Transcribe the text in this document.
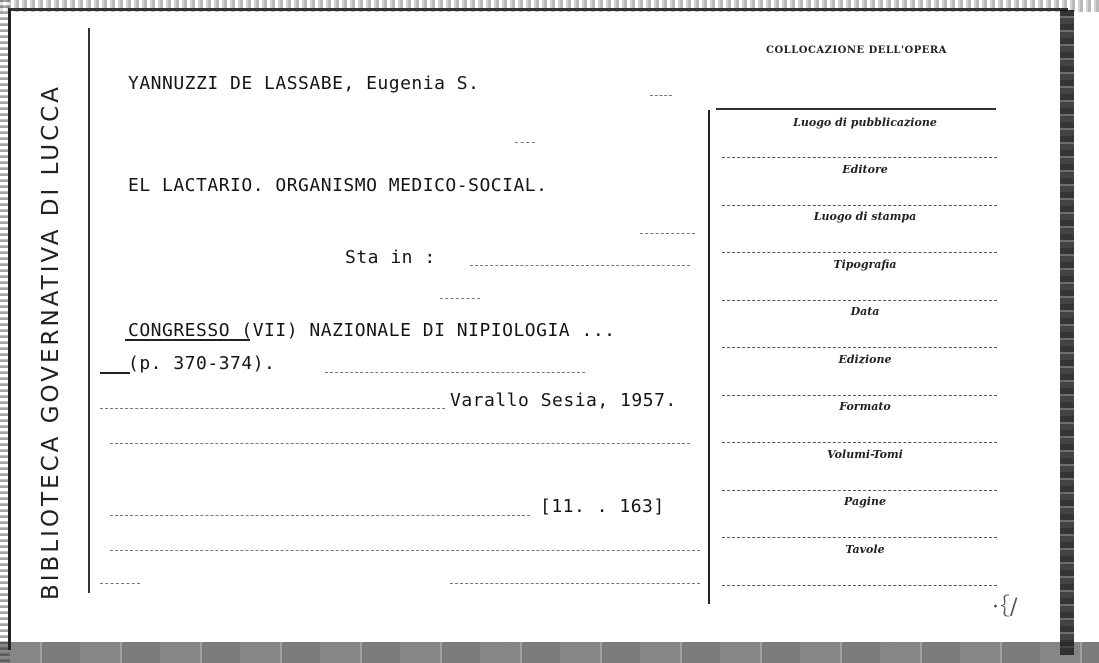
BIBLIOTECA GOVERNATIVA DI LUCCA
YANNUZZI DE LASSABE, Eugenia S.
EL LACTARIO. ORGANISMO MEDICO-SOCIAL.
Sta in :
CONGRESSO (VII) NAZIONALE DI NIPIOLOGIA ...
(p. 370-374).
Varallo Sesia, 1957.
[11. . 163]
COLLOCAZIONE DELL'OPERA
Luogo di pubblicazione
Editore
Luogo di stampa
Tipografia
Data
Edizione
Formato
Volumi-Tomi
Pagine
Tavole
·｛/
